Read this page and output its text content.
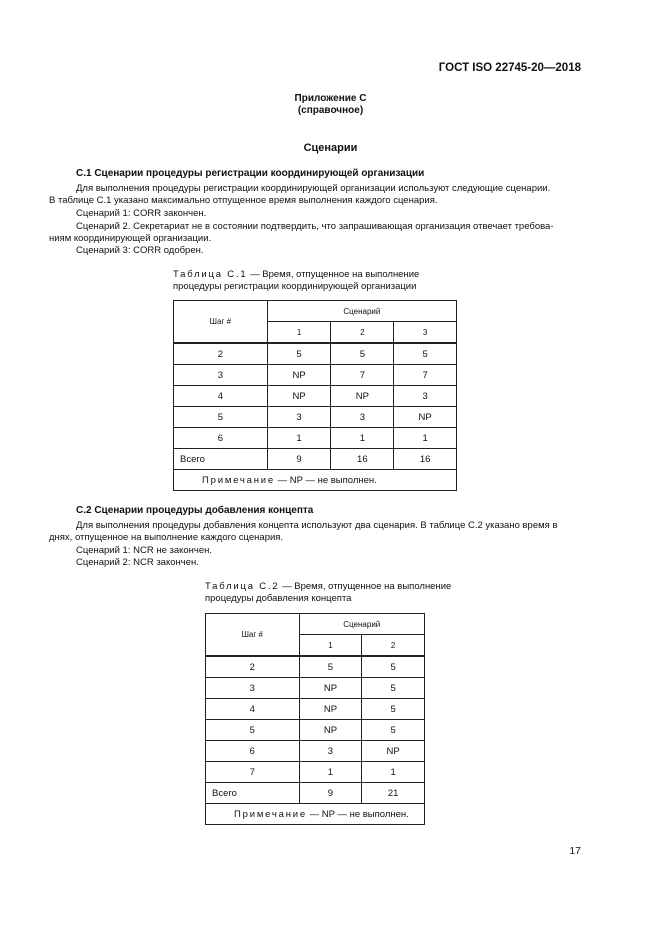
ГОСТ ISO 22745-20—2018
Приложение С
(справочное)
Сценарии
С.1 Сценарии процедуры регистрации координирующей организации
Для выполнения процедуры регистрации координирующей организации используют следующие сценарии.
В таблице С.1 указано максимально отпущенное время выполнения каждого сценария.
Сценарий 1: CORR закончен.
Сценарий 2. Секретариат не в состоянии подтвердить, что запрашивающая организация отвечает требова-
ниям координирующей организации.
Сценарий 3: CORR одобрен.
Таблица С.1 — Время, отпущенное на выполнение
процедуры регистрации координирующей организации
Шаг #	Сценарий		
	1	2	3
2	5	5	5
3	NP	7	7
4	NP	NP	3
5	3	3	NP
6	1	1	1
Всего	9	16	16
Примечание — NP — не выполнен.			
С.2 Сценарии процедуры добавления концепта
Для выполнения процедуры добавления концепта используют два сценария. В таблице С.2 указано время в
днях, отпущенное на выполнение каждого сценария.
Сценарий 1: NCR не закончен.
Сценарий 2: NCR закончен.
Таблица С.2 — Время, отпущенное на выполнение
процедуры добавления концепта
Шаг #	Сценарий	
	1	2
2	5	5
3	NP	5
4	NP	5
5	NP	5
6	3	NP
7	1	1
Всего	9	21
Примечание — NP — не выполнен.		
17
